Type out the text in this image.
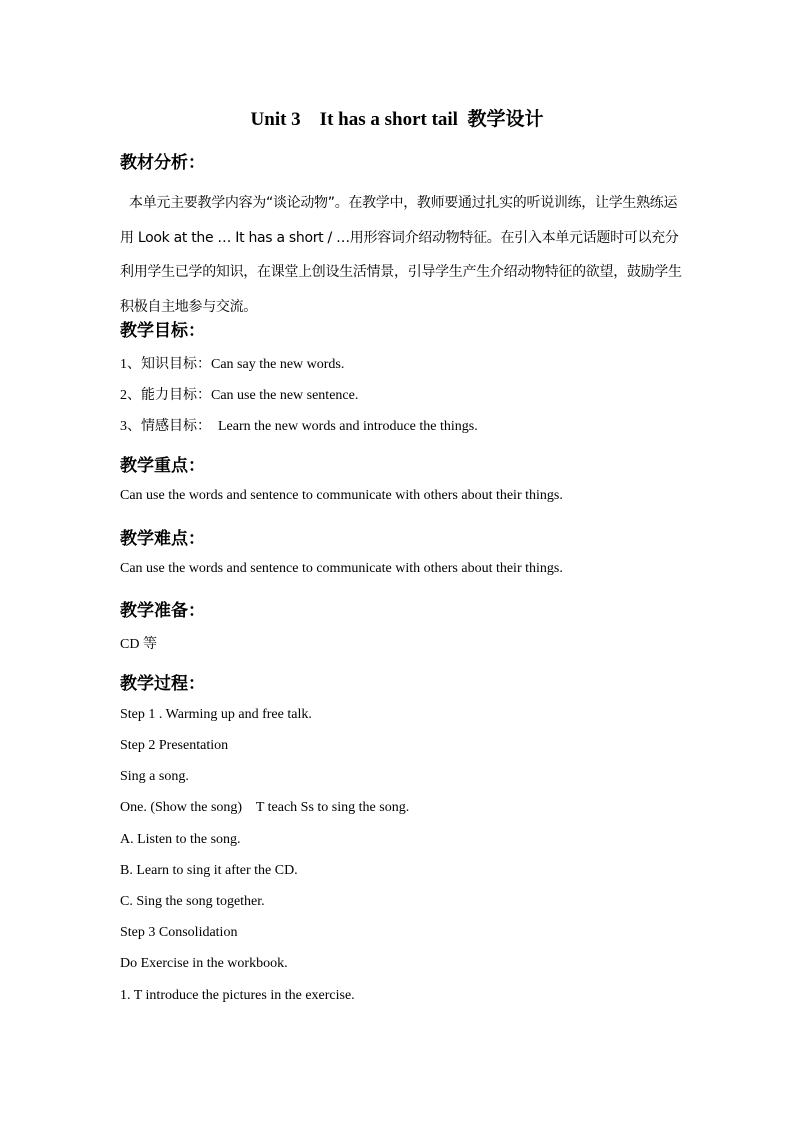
Unit 3    It has a short tail  教学设计
教材分析：
本单元主要教学内容为“谈论动物”。在教学中，教师要通过扎实的听说训练，让学生熟练运用 Look at the … It has a short / …用形容词介绍动物特征。在引入本单元话题时可以充分利用学生已学的知识，在课堂上创设生活情景，引导学生产生介绍动物特征的欲望，鼓励学生积极自主地参与交流。
教学目标：
1、知识目标：Can say the new words.
2、能力目标：Can use the new sentence.
3、情感目标：  Learn the new words and introduce the things.
教学重点：
Can use the words and sentence to communicate with others about their things.
教学难点：
Can use the words and sentence to communicate with others about their things.
教学准备：
CD 等
教学过程：
Step 1 . Warming up and free talk.
Step 2 Presentation
Sing a song.
One. (Show the song)    T teach Ss to sing the song.
A. Listen to the song.
B. Learn to sing it after the CD.
C. Sing the song together.
Step 3 Consolidation
Do Exercise in the workbook.
1. T introduce the pictures in the exercise.
